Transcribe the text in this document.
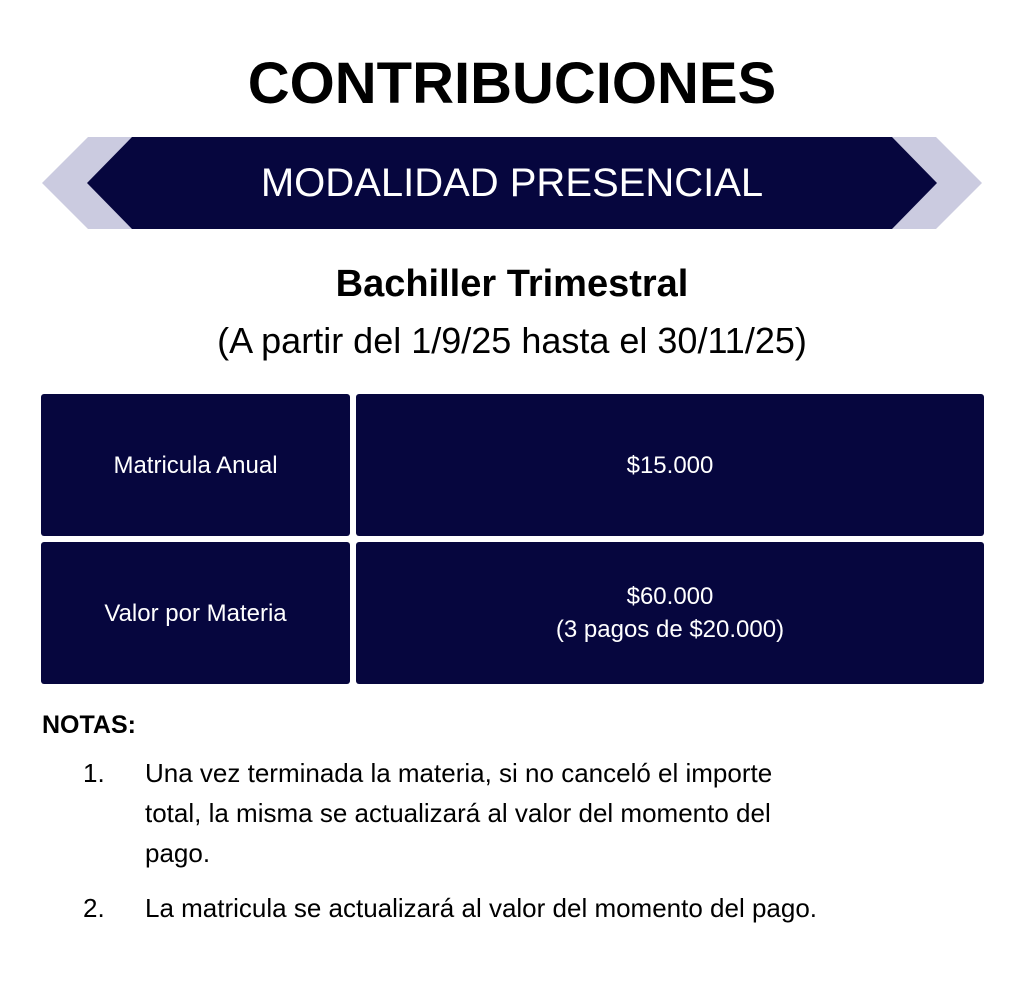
CONTRIBUCIONES
MODALIDAD PRESENCIAL
Bachiller Trimestral
(A partir del 1/9/25 hasta el 30/11/25)
Matricula Anual	$15.000
Valor por Materia
$60.000
(3 pagos de $20.000)
NOTAS:
1. Una vez terminada la materia, si no canceló el importe
total, la misma se actualizará al valor del momento del
pago.
2. La matricula se actualizará al valor del momento del pago.
